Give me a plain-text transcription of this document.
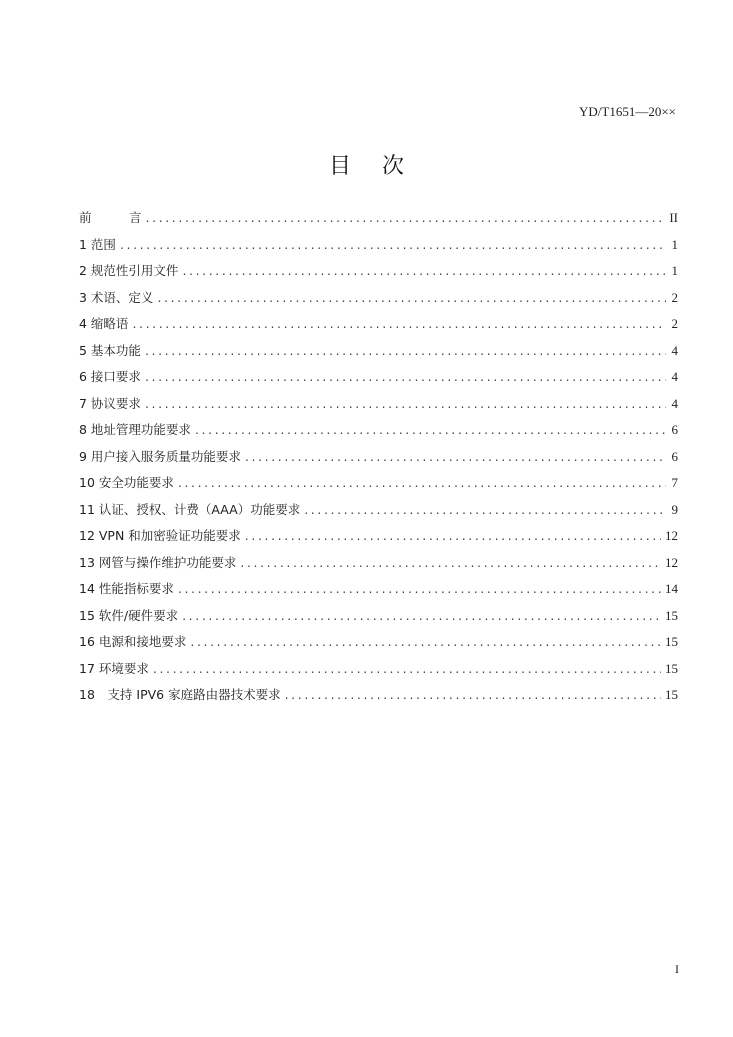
YD/T1651—20××
目 次
前　　　言 .....	II
1 范围 .....	1
2 规范性引用文件 .....	1
3 术语、定义 .....	2
4 缩略语 .....	2
5 基本功能 .....	4
6 接口要求 .....	4
7 协议要求 .....	4
8 地址管理功能要求 .....	6
9 用户接入服务质量功能要求 .....	6
10 安全功能要求 .....	7
11 认证、授权、计费（AAA）功能要求 .....	9
12 VPN 和加密验证功能要求 .....	12
13 网管与操作维护功能要求 .....	12
14 性能指标要求 .....	14
15 软件/硬件要求 .....	15
16 电源和接地要求 .....	15
17 环境要求 .....	15
18　支持 IPV6 家庭路由器技术要求 .....	15
I
